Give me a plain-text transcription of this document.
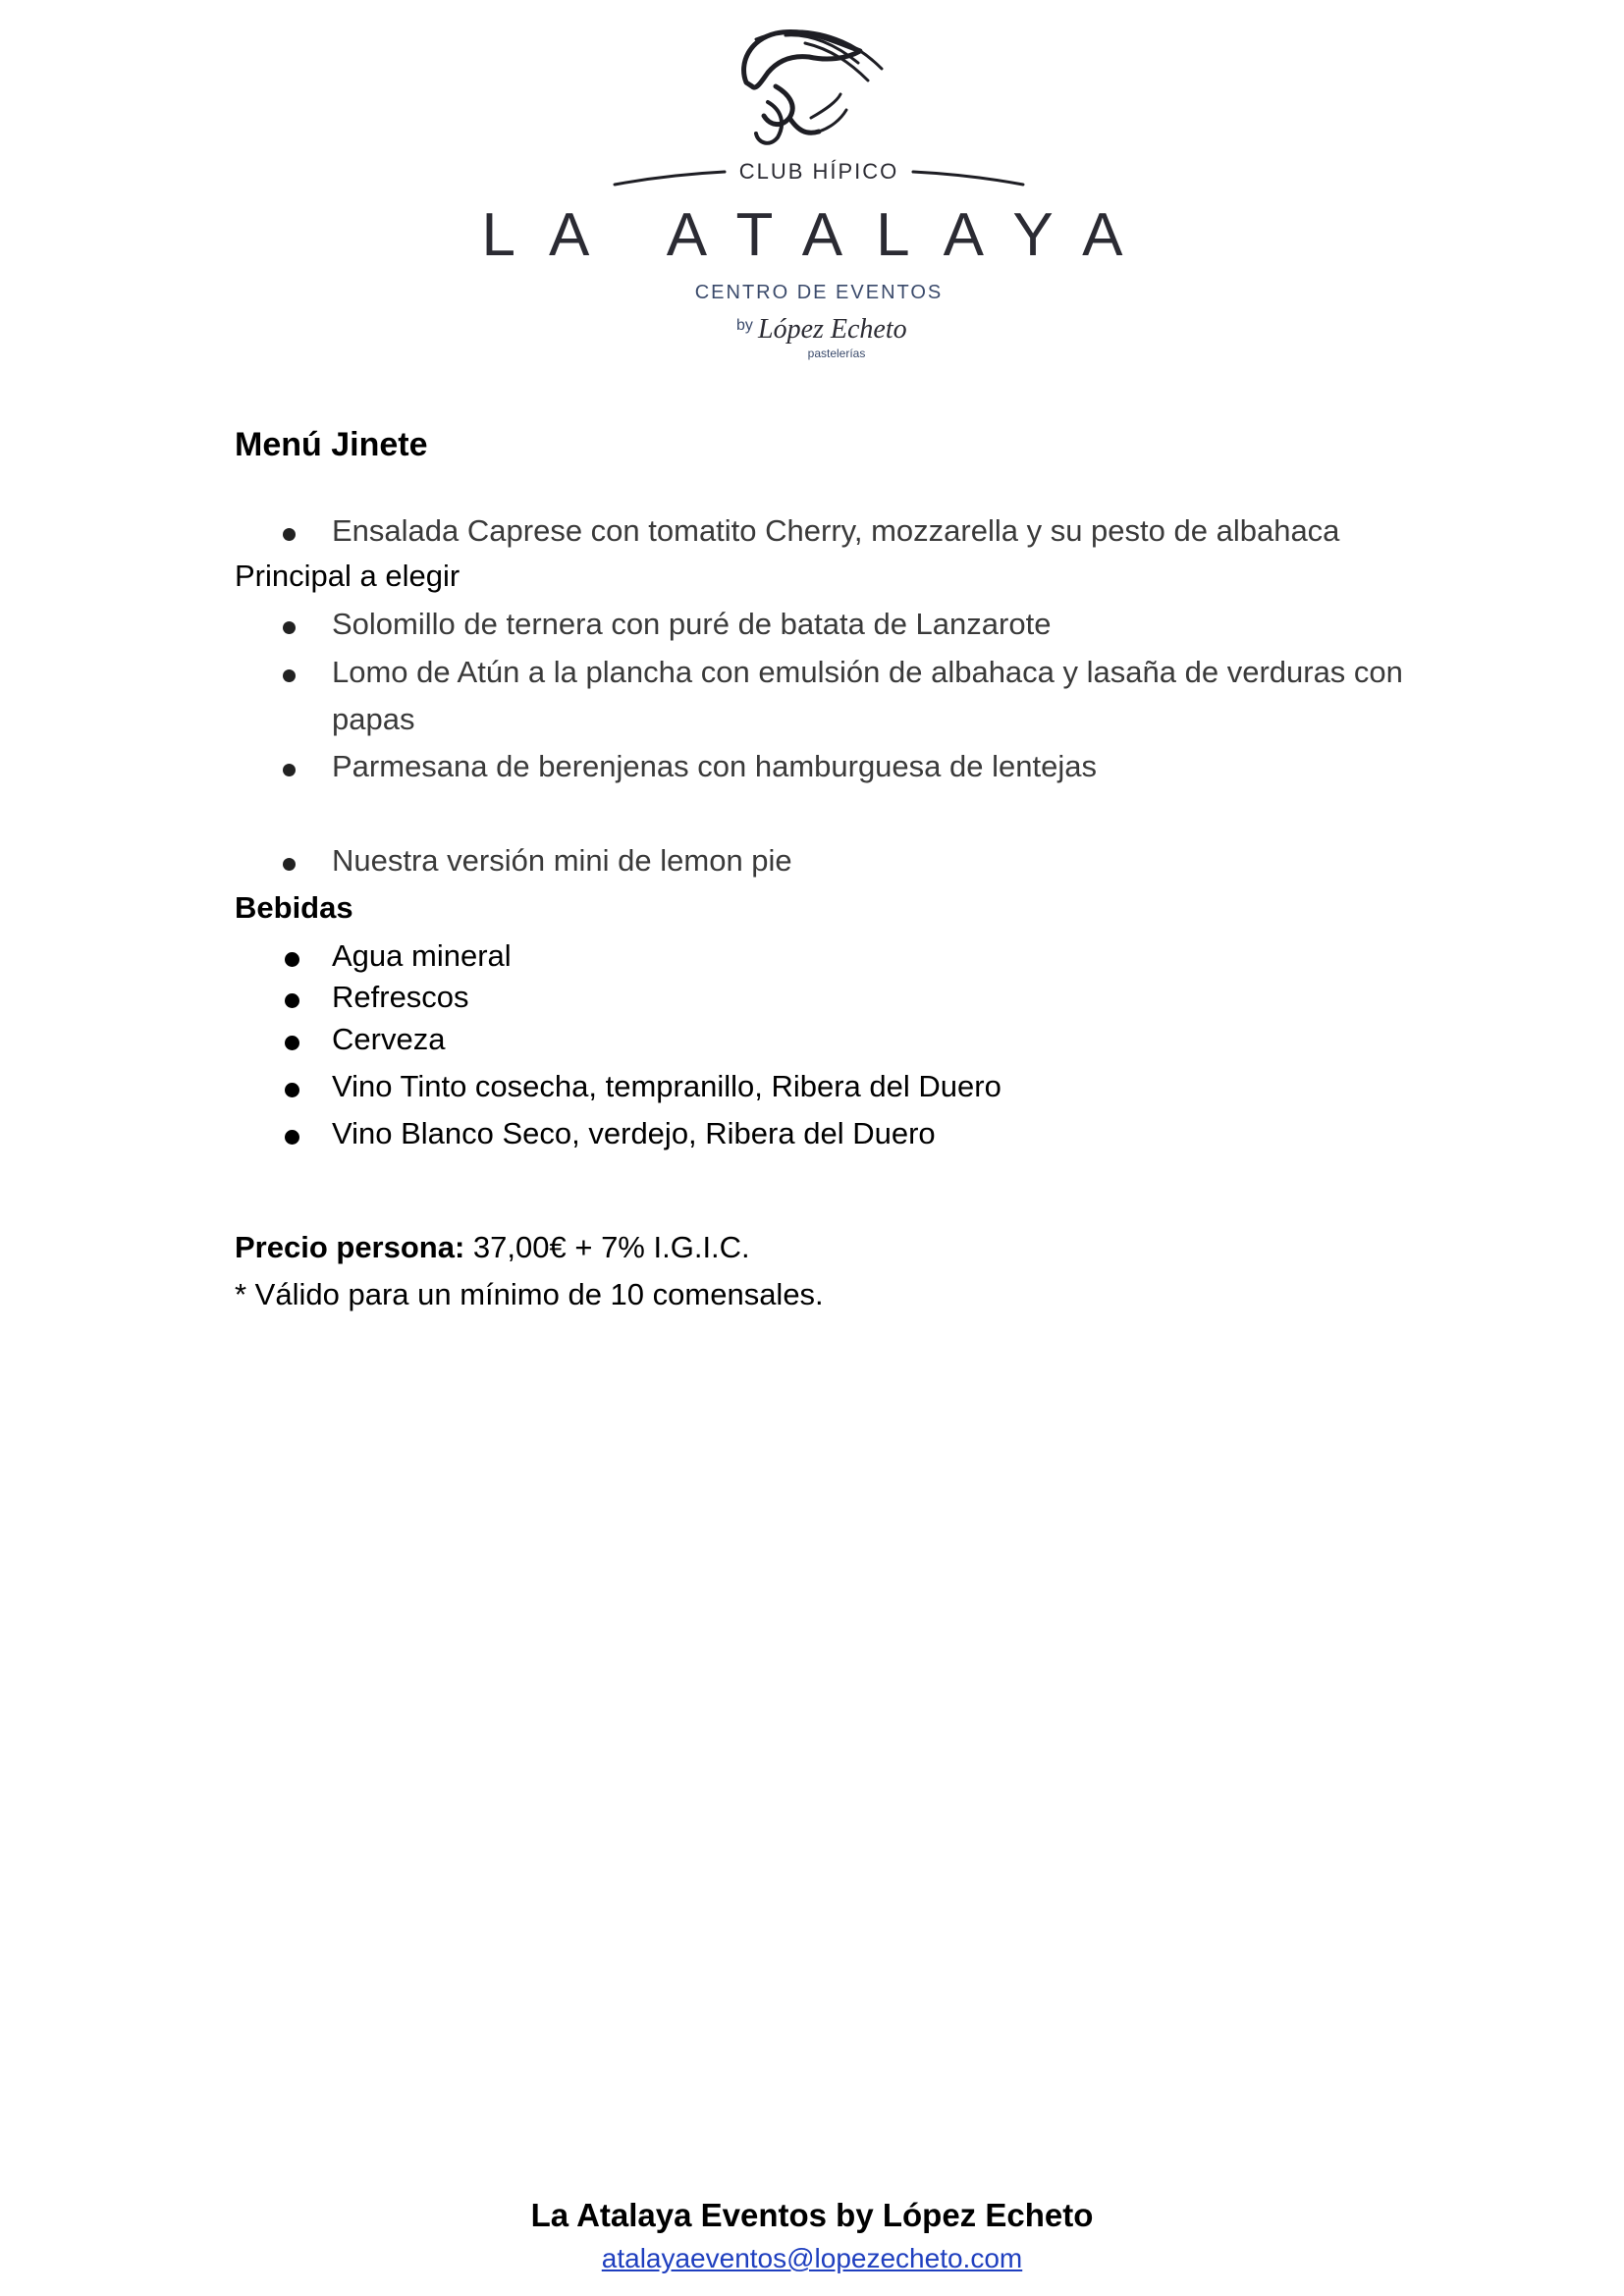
CLUB HÍPICO
LA ATALAYA
CENTRO DE EVENTOS
by López Echeto
pastelerías
Menú Jinete
Ensalada Caprese con tomatito Cherry, mozzarella y su pesto de albahaca
Principal a elegir
Solomillo de ternera con puré de batata de Lanzarote
Lomo de Atún a la plancha con emulsión de albahaca y lasaña de verduras con
papas
Parmesana de berenjenas con hamburguesa de lentejas
Nuestra versión mini de lemon pie
Bebidas
Agua mineral
Refrescos
Cerveza
Vino Tinto cosecha, tempranillo, Ribera del Duero
Vino Blanco Seco, verdejo, Ribera del Duero
Precio persona: 37,00€ + 7% I.G.I.C.
* Válido para un mínimo de 10 comensales.
La Atalaya Eventos by López Echeto
atalayaeventos@lopezecheto.com
